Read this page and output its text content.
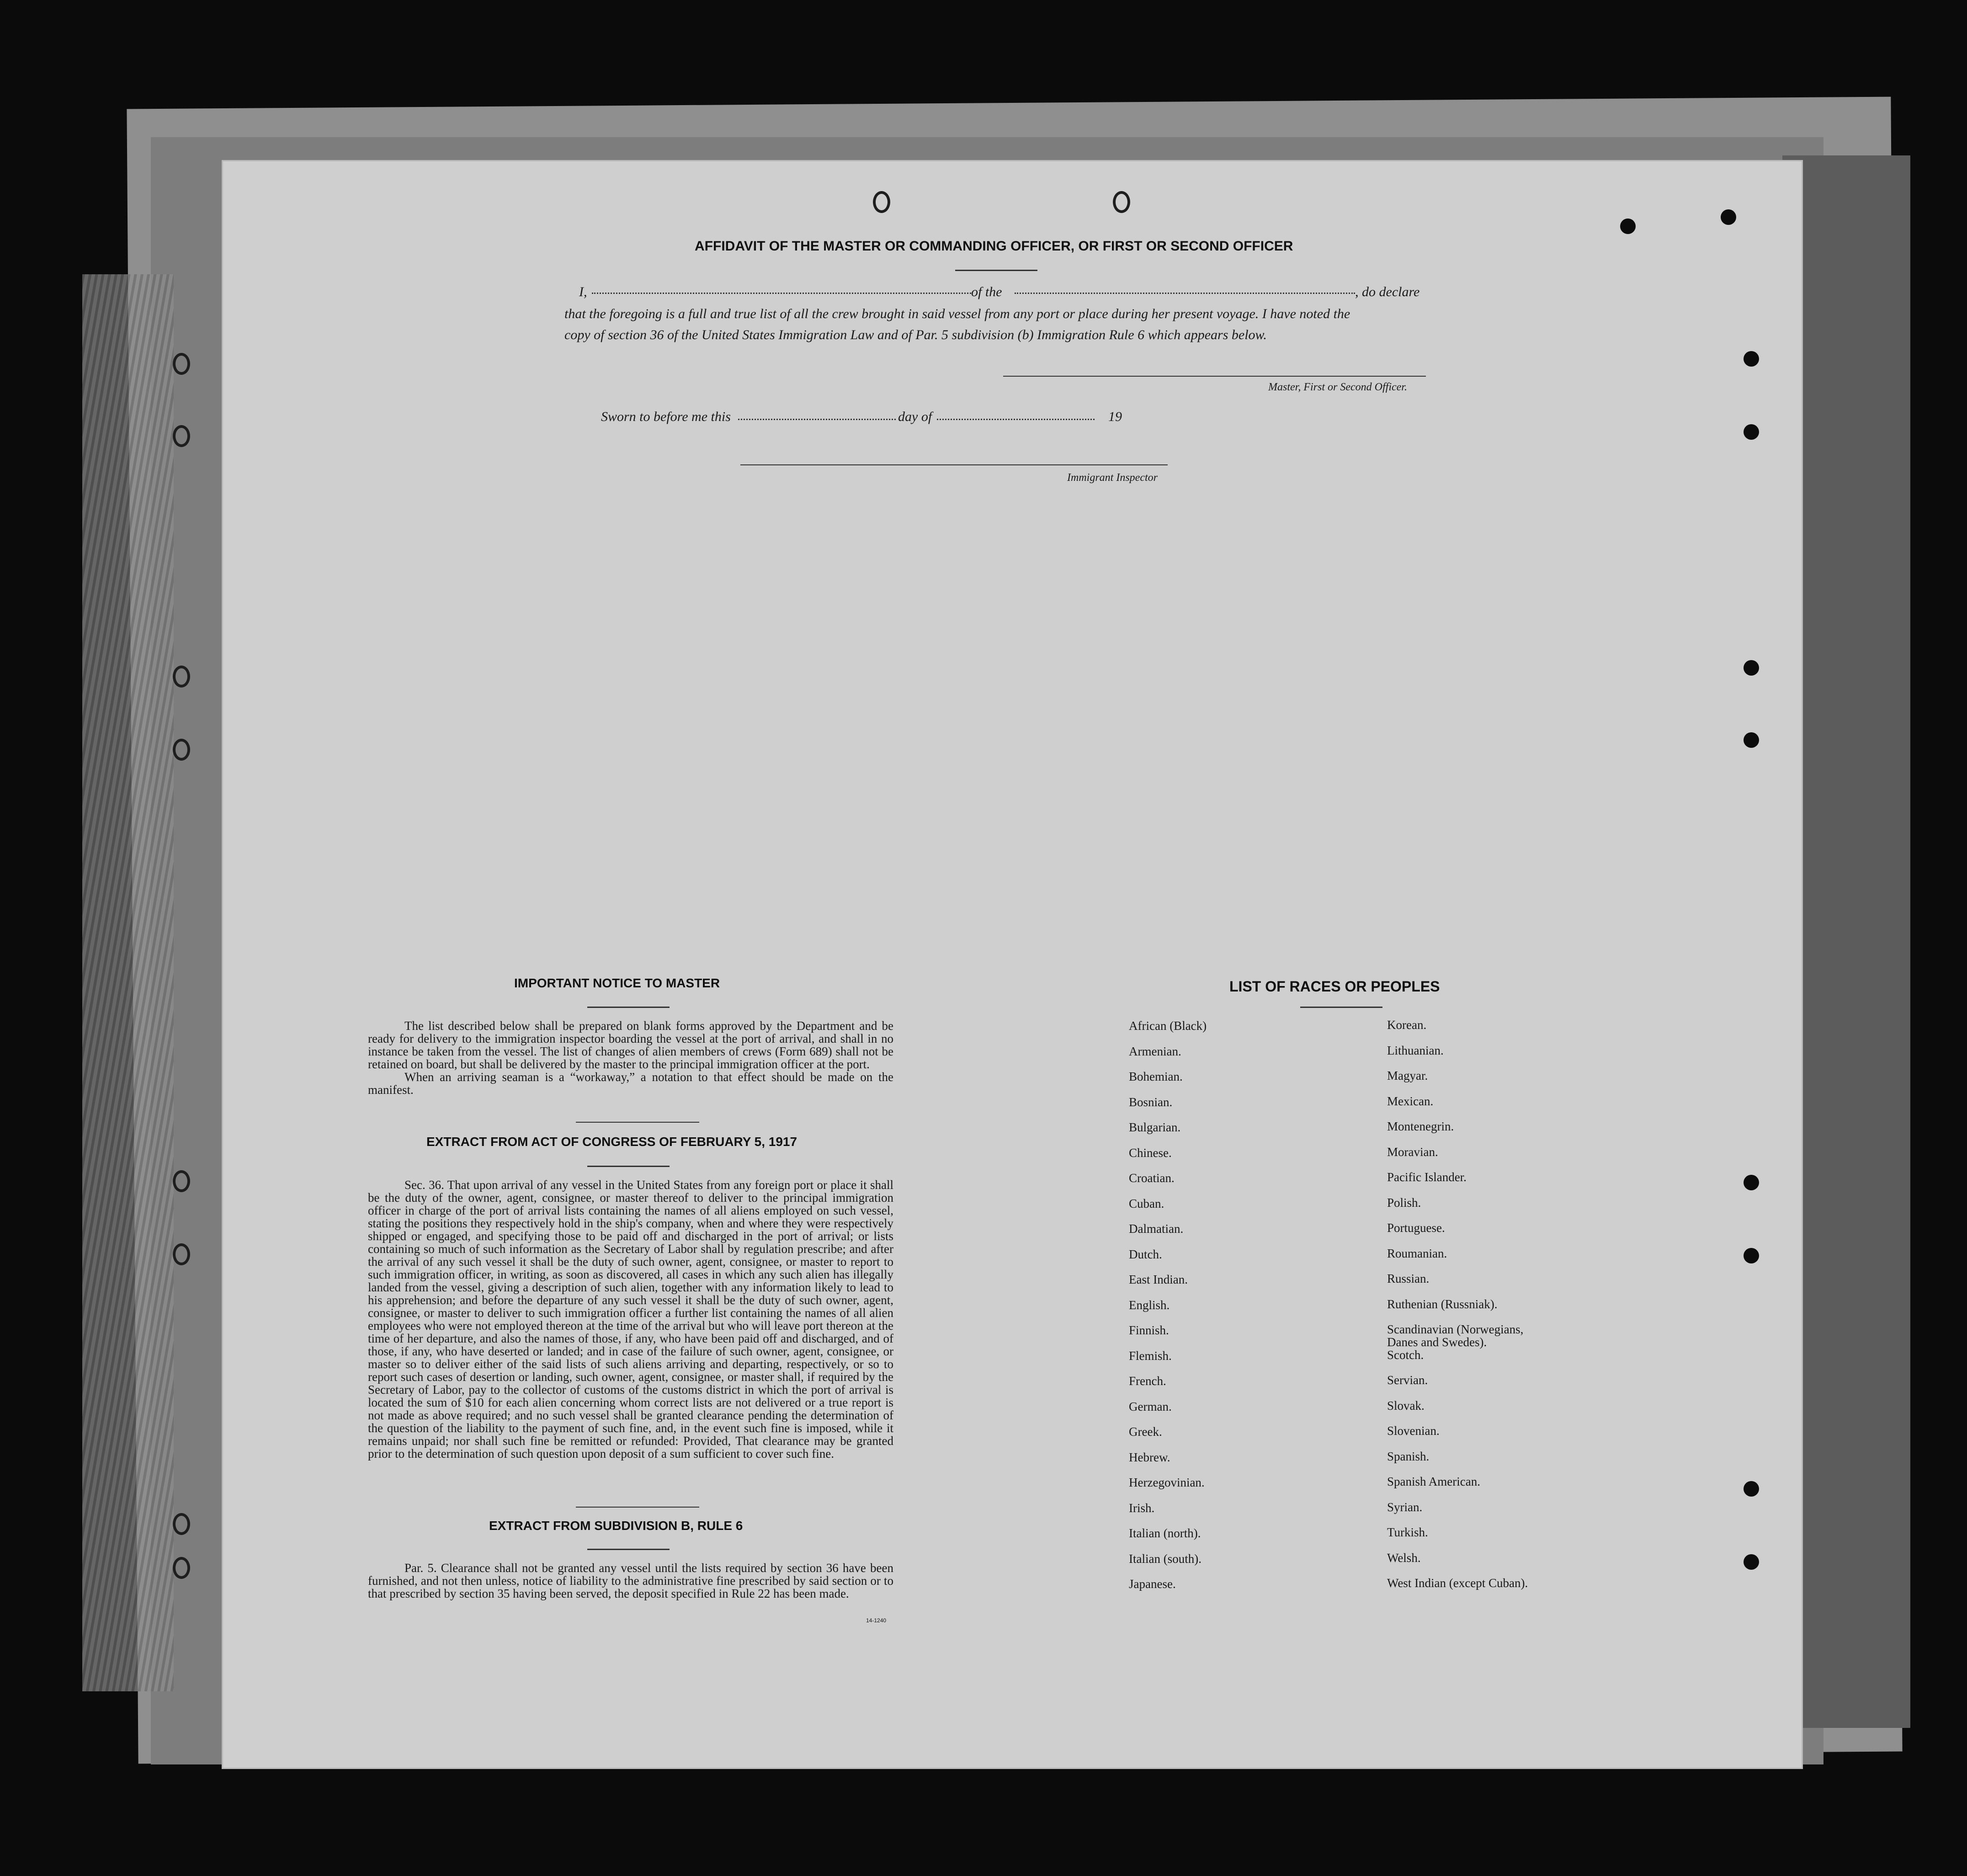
AFFIDAVIT OF THE MASTER OR COMMANDING OFFICER, OR FIRST OR SECOND OFFICER
I,	of the	, do declare
that the foregoing is a full and true list of all the crew brought in said vessel from any port or place during her present voyage. I have noted the
copy of section 36 of the United States Immigration Law and of Par. 5 subdivision (b) Immigration Rule 6 which appears below.
Master, First or Second Officer.
Sworn to before me this	day of	19
Immigrant Inspector
IMPORTANT NOTICE TO MASTER

The list described below shall be prepared on blank forms approved by the Department and be ready for delivery to the immigration inspector boarding the vessel at the port of arrival, and shall in no instance be taken from the vessel. The list of changes of alien members of crews (Form 689) shall not be retained on board, but shall be delivered by the master to the principal immigration officer at the port.

When an arriving seaman is a “workaway,” a notation to that effect should be made on the manifest.

EXTRACT FROM ACT OF CONGRESS OF FEBRUARY 5, 1917

Sec. 36. That upon arrival of any vessel in the United States from any foreign port or place it shall be the duty of the owner, agent, consignee, or master thereof to deliver to the principal immigration officer in charge of the port of arrival lists containing the names of all aliens employed on such vessel, stating the positions they respectively hold in the ship's company, when and where they were respectively shipped or engaged, and specifying those to be paid off and discharged in the port of arrival; or lists containing so much of such information as the Secretary of Labor shall by regulation prescribe; and after the arrival of any such vessel it shall be the duty of such owner, agent, consignee, or master to report to such immigration officer, in writing, as soon as discovered, all cases in which any such alien has illegally landed from the vessel, giving a description of such alien, together with any information likely to lead to his apprehension; and before the departure of any such vessel it shall be the duty of such owner, agent, consignee, or master to deliver to such immigration officer a further list containing the names of all alien employees who were not employed thereon at the time of the arrival but who will leave port thereon at the time of her departure, and also the names of those, if any, who have been paid off and discharged, and of those, if any, who have deserted or landed; and in case of the failure of such owner, agent, consignee, or master so to deliver either of the said lists of such aliens arriving and departing, respectively, or so to report such cases of desertion or landing, such owner, agent, consignee, or master shall, if required by the Secretary of Labor, pay to the collector of customs of the customs district in which the port of arrival is located the sum of $10 for each alien concerning whom correct lists are not delivered or a true report is not made as above required; and no such vessel shall be granted clearance pending the determination of the question of the liability to the payment of such fine, and, in the event such fine is imposed, while it remains unpaid; nor shall such fine be remitted or refunded: Provided, That clearance may be granted prior to the determination of such question upon deposit of a sum sufficient to cover such fine.

EXTRACT FROM SUBDIVISION B, RULE 6

Par. 5. Clearance shall not be granted any vessel until the lists required by section 36 have been furnished, and not then unless, notice of liability to the administrative fine prescribed by said section or to that prescribed by section 35 having been served, the deposit specified in Rule 22 has been made.

14-1240
LIST OF RACES OR PEOPLES
African (Black)
Armenian.
Bohemian.
Bosnian.
Bulgarian.
Chinese.
Croatian.
Cuban.
Dalmatian.
Dutch.
East Indian.
English.
Finnish.
Flemish.
French.
German.
Greek.
Hebrew.
Herzegovinian.
Irish.
Italian (north).
Italian (south).
Japanese.
Korean.
Lithuanian.
Magyar.
Mexican.
Montenegrin.
Moravian.
Pacific Islander.
Polish.
Portuguese.
Roumanian.
Russian.
Ruthenian (Russniak).
Scandinavian (Norwegians,
Danes and Swedes).
Scotch.
Servian.
Slovak.
Slovenian.
Spanish.
Spanish American.
Syrian.
Turkish.
Welsh.
West Indian (except Cuban).
